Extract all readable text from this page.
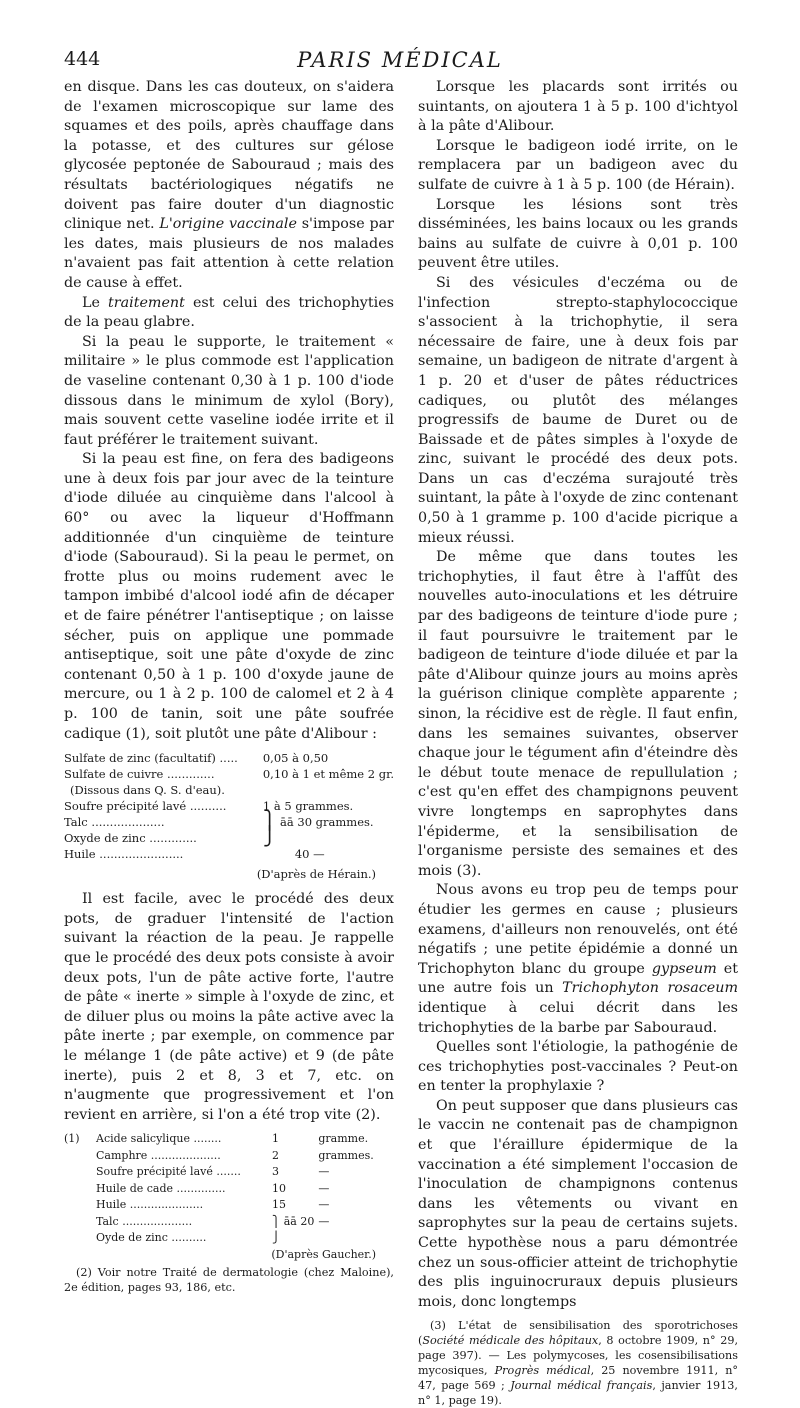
444	PARIS MÉDICAL

en disque. Dans les cas douteux, on s'aidera de l'examen microscopique sur lame des squames et des poils, après chauffage dans la potasse, et des cultures sur gélose glycosée peptonée de Sabouraud ; mais des résultats bactériologiques négatifs ne doivent pas faire douter d'un diagnostic clinique net. L'origine vaccinale s'impose par les dates, mais plusieurs de nos malades n'avaient pas fait attention à cette relation de cause à effet.

Le traitement est celui des trichophyties de la peau glabre.

Si la peau le supporte, le traitement « militaire » le plus commode est l'application de vaseline contenant 0,30 à 1 p. 100 d'iode dissous dans le minimum de xylol (Bory), mais souvent cette vaseline iodée irrite et il faut préférer le traitement suivant.

Si la peau est fine, on fera des badigeons une à deux fois par jour avec de la teinture d'iode diluée au cinquième dans l'alcool à 60° ou avec la liqueur d'Hoffmann additionnée d'un cinquième de teinture d'iode (Sabouraud). Si la peau le permet, on frotte plus ou moins rudement avec le tampon imbibé d'alcool iodé afin de décaper et de faire pénétrer l'antiseptique ; on laisse sécher, puis on applique une pommade antiseptique, soit une pâte d'oxyde de zinc contenant 0,50 à 1 p. 100 d'oxyde jaune de mercure, ou 1 à 2 p. 100 de calomel et 2 à 4 p. 100 de tanin, soit une pâte soufrée cadique (1), soit plutôt une pâte d'Alibour :

Sulfate de zinc (facultatif) .....	0,05 à 0,50
Sulfate de cuivre .............	0,10 à 1 et même 2 gr.
(Dissous dans Q. S. d'eau).	
Soufre précipité lavé ..........	1 à 5 grammes.
Talc ....................	⎫ āā 30 grammes.
Oxyde de zinc .............	⎭
Huile .......................	40 —
(D'après de Hérain.)

Il est facile, avec le procédé des deux pots, de graduer l'intensité de l'action suivant la réaction de la peau. Je rappelle que le procédé des deux pots consiste à avoir deux pots, l'un de pâte active forte, l'autre de pâte « inerte » simple à l'oxyde de zinc, et de diluer plus ou moins la pâte active avec la pâte inerte ; par exemple, on commence par le mélange 1 (de pâte active) et 9 (de pâte inerte), puis 2 et 8, 3 et 7, etc. on n'augmente que progressivement et l'on revient en arrière, si l'on a été trop vite (2).

(1)	Acide salicylique ........	1	gramme.
	Camphre ....................	2	grammes.
	Soufre précipité lavé .......	3	—
	Huile de cade ..............	10	—
	Huile .....................	15	—
	Talc ....................	⎫ āā 20	—
	Oyde de zinc ..........	⎭	
(D'après Gaucher.)

(2) Voir notre Traité de dermatologie (chez Maloine), 2e édition, pages 93, 186, etc.

Lorsque les placards sont irrités ou suintants, on ajoutera 1 à 5 p. 100 d'ichtyol à la pâte d'Alibour.

Lorsque le badigeon iodé irrite, on le remplacera par un badigeon avec du sulfate de cuivre à 1 à 5 p. 100 (de Hérain).

Lorsque les lésions sont très disséminées, les bains locaux ou les grands bains au sulfate de cuivre à 0,01 p. 100 peuvent être utiles.

Si des vésicules d'eczéma ou de l'infection strepto-staphylococcique s'associent à la trichophytie, il sera nécessaire de faire, une à deux fois par semaine, un badigeon de nitrate d'argent à 1 p. 20 et d'user de pâtes réductrices cadiques, ou plutôt des mélanges progressifs de baume de Duret ou de Baissade et de pâtes simples à l'oxyde de zinc, suivant le procédé des deux pots. Dans un cas d'eczéma surajouté très suintant, la pâte à l'oxyde de zinc contenant 0,50 à 1 gramme p. 100 d'acide picrique a mieux réussi.

De même que dans toutes les trichophyties, il faut être à l'affût des nouvelles auto-inoculations et les détruire par des badigeons de teinture d'iode pure ; il faut poursuivre le traitement par le badigeon de teinture d'iode diluée et par la pâte d'Alibour quinze jours au moins après la guérison clinique complète apparente ; sinon, la récidive est de règle. Il faut enfin, dans les semaines suivantes, observer chaque jour le tégument afin d'éteindre dès le début toute menace de repullulation ; c'est qu'en effet des champignons peuvent vivre longtemps en saprophytes dans l'épiderme, et la sensibilisation de l'organisme persiste des semaines et des mois (3).

Nous avons eu trop peu de temps pour étudier les germes en cause ; plusieurs examens, d'ailleurs non renouvelés, ont été négatifs ; une petite épidémie a donné un Trichophyton blanc du groupe gypseum et une autre fois un Trichophyton rosaceum identique à celui décrit dans les trichophyties de la barbe par Sabouraud.

Quelles sont l'étiologie, la pathogénie de ces trichophyties post-vaccinales ? Peut-on en tenter la prophylaxie ?

On peut supposer que dans plusieurs cas le vaccin ne contenait pas de champignon et que l'éraillure épidermique de la vaccination a été simplement l'occasion de l'inoculation de champignons contenus dans les vêtements ou vivant en saprophytes sur la peau de certains sujets. Cette hypothèse nous a paru démontrée chez un sous-officier atteint de trichophytie des plis inguinocruraux depuis plusieurs mois, donc longtemps

(3) L'état de sensibilisation des sporotrichoses (Société médicale des hôpitaux, 8 octobre 1909, n° 29, page 397). — Les polymycoses, les cosensibilisations mycosiques, Progrès médical, 25 novembre 1911, n° 47, page 569 ; Journal médical français, janvier 1913, n° 1, page 19).
